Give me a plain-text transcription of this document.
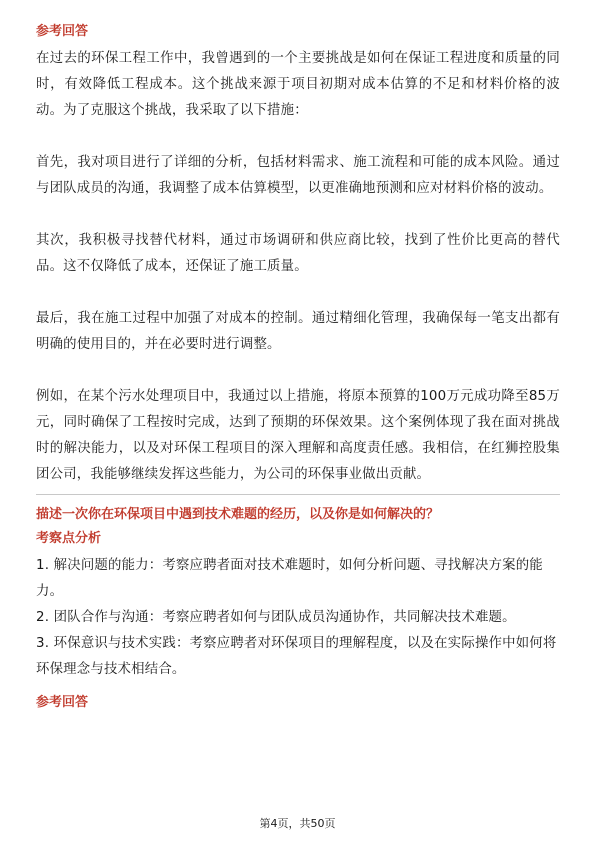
参考回答

在过去的环保工程工作中，我曾遇到的一个主要挑战是如何在保证工程进度和质量的同时，有效降低工程成本。这个挑战来源于项目初期对成本估算的不足和材料价格的波动。为了克服这个挑战，我采取了以下措施：

首先，我对项目进行了详细的分析，包括材料需求、施工流程和可能的成本风险。通过与团队成员的沟通，我调整了成本估算模型，以更准确地预测和应对材料价格的波动。

其次，我积极寻找替代材料，通过市场调研和供应商比较，找到了性价比更高的替代品。这不仅降低了成本，还保证了施工质量。

最后，我在施工过程中加强了对成本的控制。通过精细化管理，我确保每一笔支出都有明确的使用目的，并在必要时进行调整。

例如，在某个污水处理项目中，我通过以上措施，将原本预算的100万元成功降至85万元，同时确保了工程按时完成，达到了预期的环保效果。这个案例体现了我在面对挑战时的解决能力，以及对环保工程项目的深入理解和高度责任感。我相信，在红狮控股集团公司，我能够继续发挥这些能力，为公司的环保事业做出贡献。

描述一次你在环保项目中遇到技术难题的经历，以及你是如何解决的？
考察点分析

1. 解决问题的能力：考察应聘者面对技术难题时，如何分析问题、寻找解决方案的能力。

2. 团队合作与沟通：考察应聘者如何与团队成员沟通协作，共同解决技术难题。

3. 环保意识与技术实践：考察应聘者对环保项目的理解程度，以及在实际操作中如何将环保理念与技术相结合。

参考回答
第4页，共50页
